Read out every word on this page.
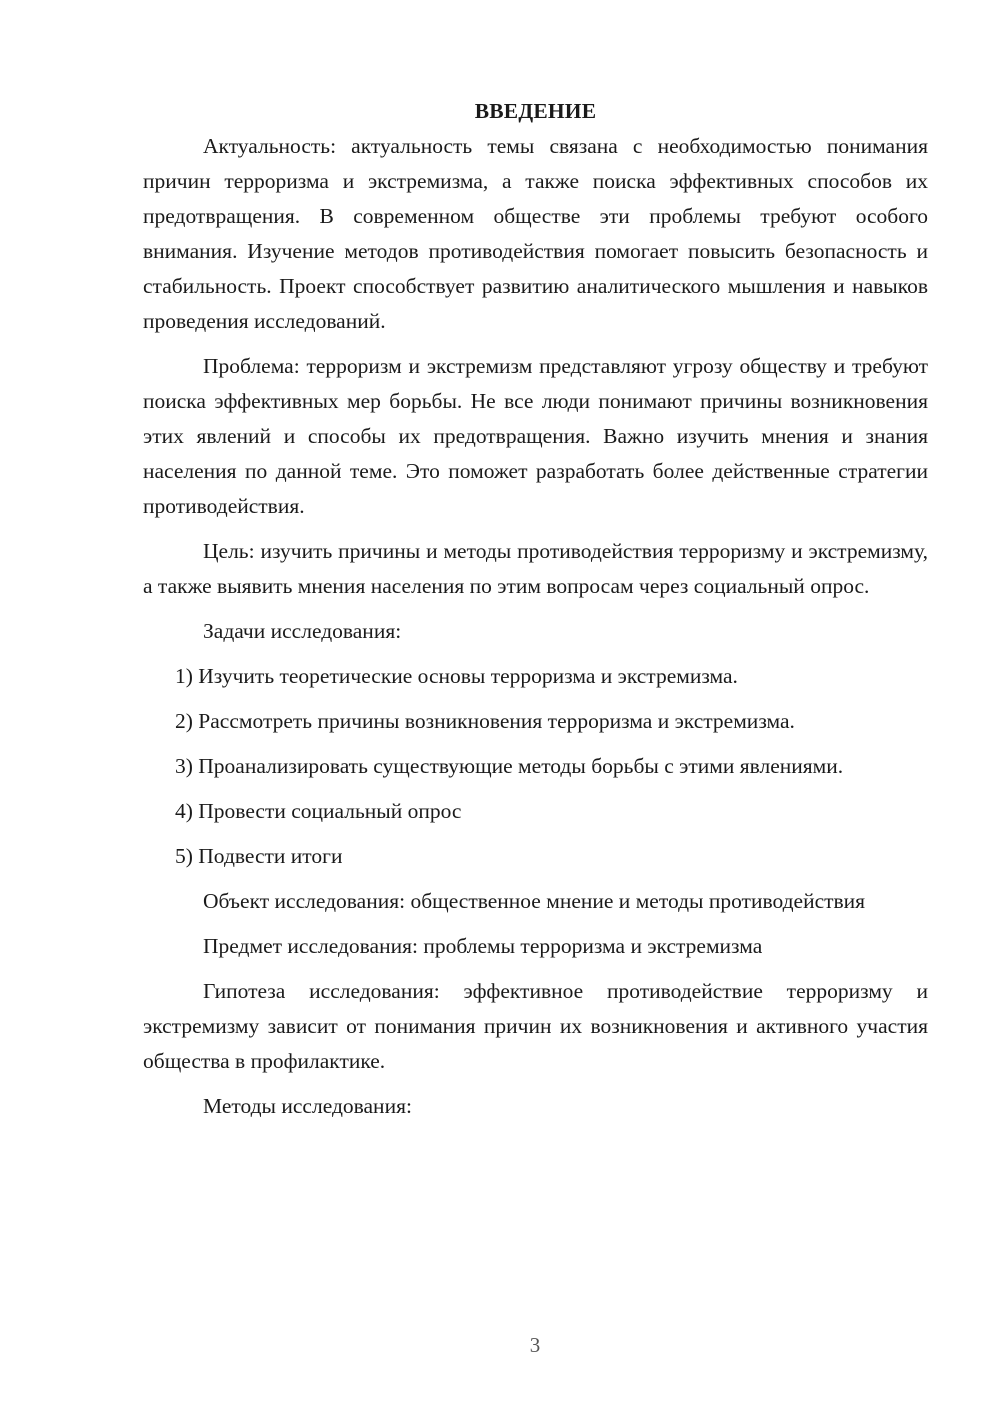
ВВЕДЕНИЕ

Актуальность: актуальность темы связана с необходимостью понимания причин терроризма и экстремизма, а также поиска эффективных способов их предотвращения. В современном обществе эти проблемы требуют особого внимания. Изучение методов противодействия помогает повысить безопасность и стабильность. Проект способствует развитию аналитического мышления и навыков проведения исследований.

Проблема: терроризм и экстремизм представляют угрозу обществу и требуют поиска эффективных мер борьбы. Не все люди понимают причины возникновения этих явлений и способы их предотвращения. Важно изучить мнения и знания населения по данной теме. Это поможет разработать более действенные стратегии противодействия.

Цель: изучить причины и методы противодействия терроризму и экстремизму, а также выявить мнения населения по этим вопросам через социальный опрос.

Задачи исследования:

1) Изучить теоретические основы терроризма и экстремизма.

2) Рассмотреть причины возникновения терроризма и экстремизма.

3) Проанализировать существующие методы борьбы с этими явлениями.

4) Провести социальный опрос

5) Подвести итоги

Объект исследования: общественное мнение и методы противодействия

Предмет исследования: проблемы терроризма и экстремизма

Гипотеза исследования: эффективное противодействие терроризму и экстремизму зависит от понимания причин их возникновения и активного участия общества в профилактике.

Методы исследования:

3
